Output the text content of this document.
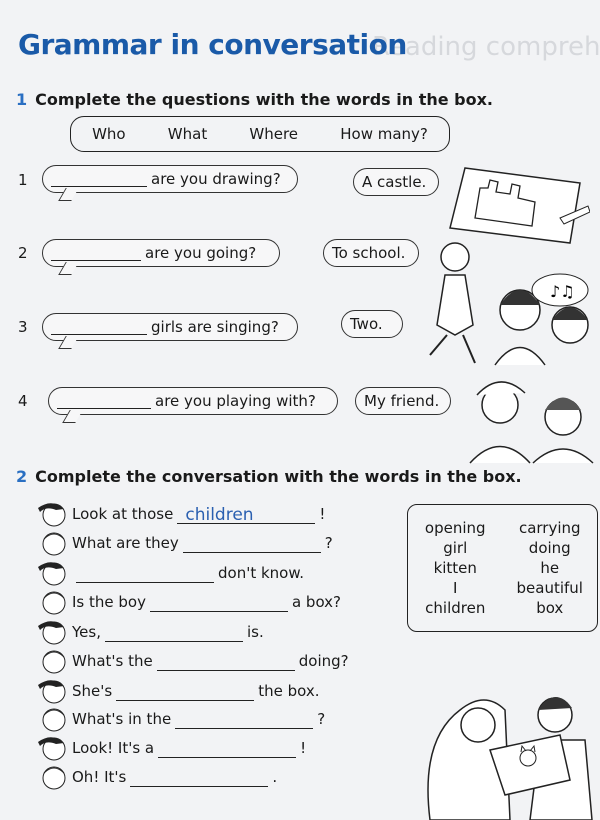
Reading compreh
Grammar in conversation
1 Complete the questions with the words in the box.
Who	What	Where	How many?
1	are you drawing?	A castle.
2	are you going?	To school.
3	girls are singing?	Two.
4	are you playing with?	My friend.
♪♫
2 Complete the conversation with the words in the box.
Look at those children	!
What are they	?
don't know.
Is the boy	a box?
Yes,	is.
What's the	doing?
She's	the box.
What's in the	?
Look! It's a	!
Oh! It's	.
opening	carrying
girl	doing
kitten	he
I	beautiful
children	box
